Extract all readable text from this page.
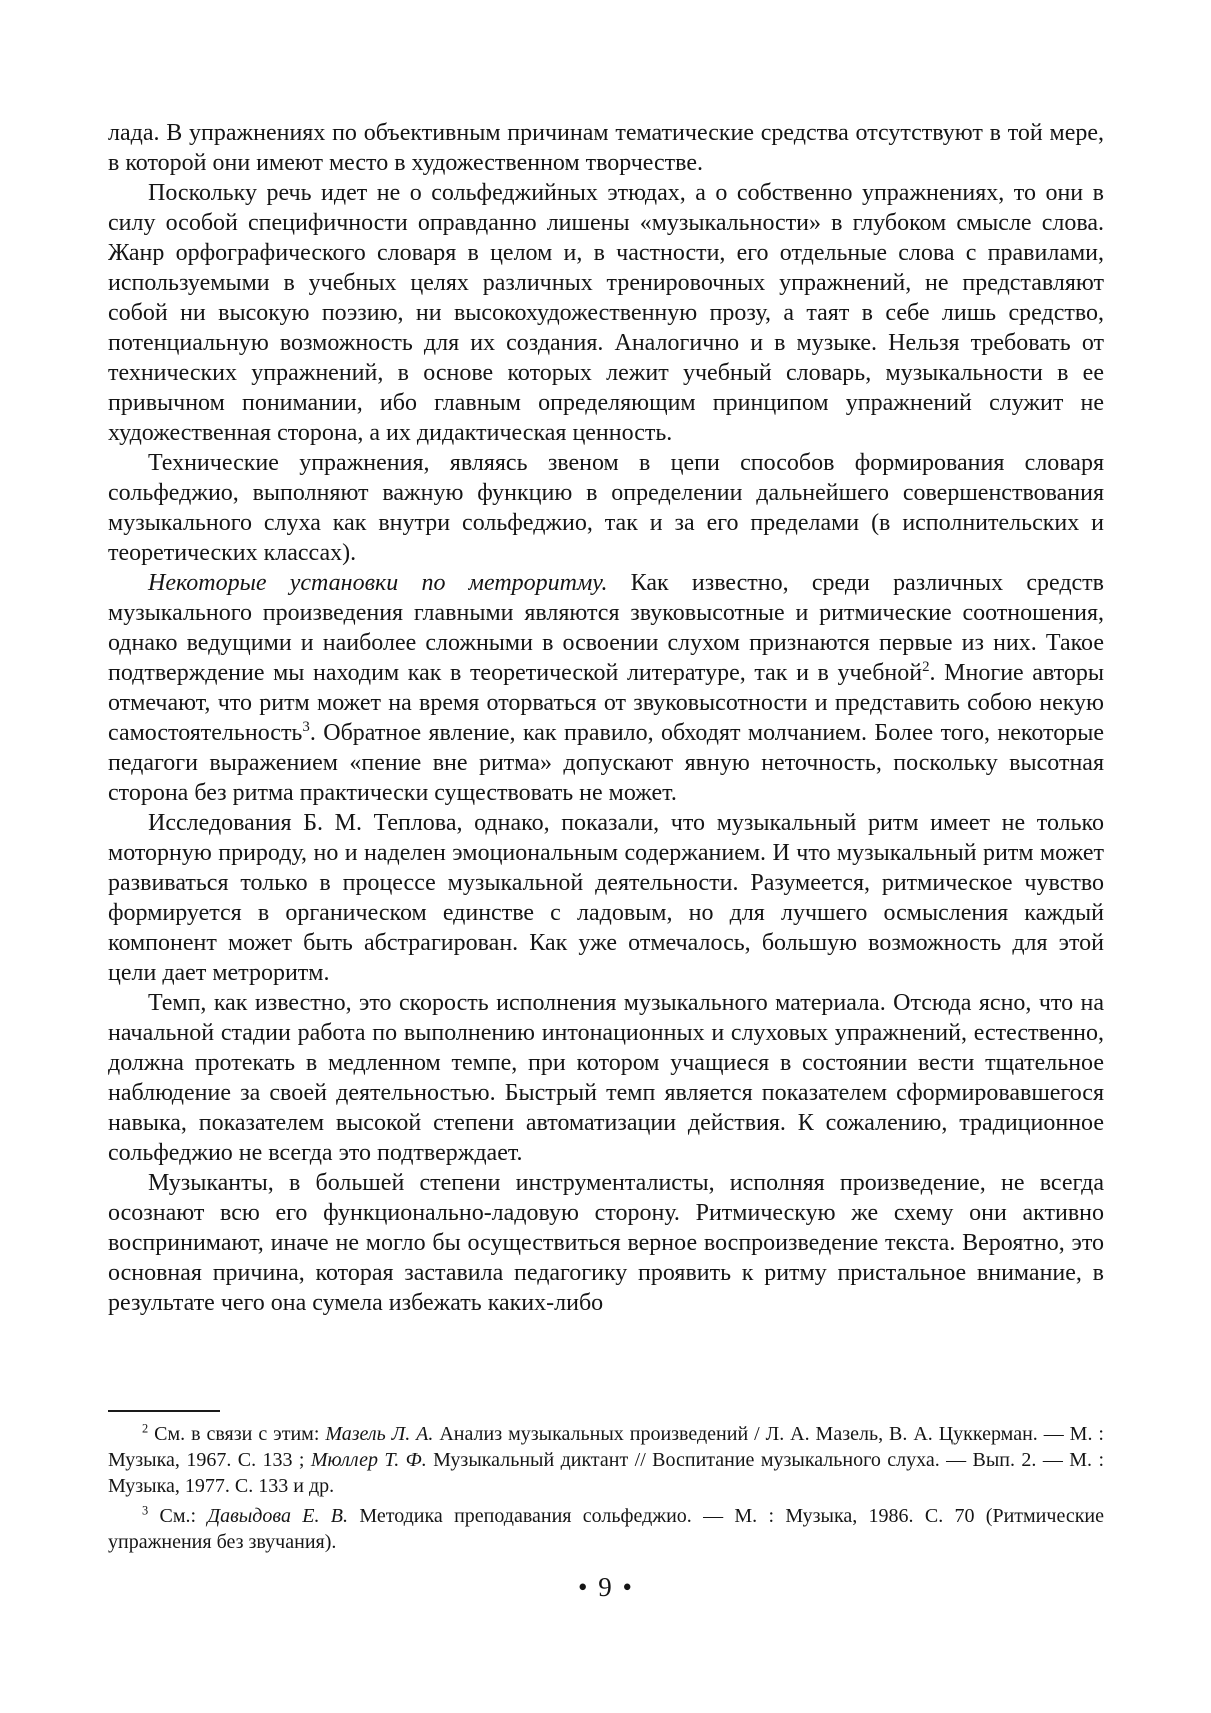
лада. В упражнениях по объективным причинам тематические средства отсутствуют в той мере, в которой они имеют место в художественном творчестве.

Поскольку речь идет не о сольфеджийных этюдах, а о собственно упражнениях, то они в силу особой специфичности оправданно лишены «музыкальности» в глубоком смысле слова. Жанр орфографического словаря в целом и, в частности, его отдельные слова с правилами, используемыми в учебных целях различных тренировочных упражнений, не представляют собой ни высокую поэзию, ни высокохудожественную прозу, а таят в себе лишь средство, потенциальную возможность для их создания. Аналогично и в музыке. Нельзя требовать от технических упражнений, в основе которых лежит учебный словарь, музыкальности в ее привычном понимании, ибо главным определяющим принципом упражнений служит не художественная сторона, а их дидактическая ценность.

Технические упражнения, являясь звеном в цепи способов формирования словаря сольфеджио, выполняют важную функцию в определении дальнейшего совершенствования музыкального слуха как внутри сольфеджио, так и за его пределами (в исполнительских и теоретических классах).

Некоторые установки по метроритму. Как известно, среди различных средств музыкального произведения главными являются звуковысотные и ритмические соотношения, однако ведущими и наиболее сложными в освоении слухом признаются первые из них. Такое подтверждение мы находим как в теоретической литературе, так и в учебной$^2$. Многие авторы отмечают, что ритм может на время оторваться от звуковысотности и представить собою некую самостоятельность$^3$. Обратное явление, как правило, обходят молчанием. Более того, некоторые педагоги выражением «пение вне ритма» допускают явную неточность, поскольку высотная сторона без ритма практически существовать не может.

Исследования Б. М. Теплова, однако, показали, что музыкальный ритм имеет не только моторную природу, но и наделен эмоциональным содержанием. И что музыкальный ритм может развиваться только в процессе музыкальной деятельности. Разумеется, ритмическое чувство формируется в органическом единстве с ладовым, но для лучшего осмысления каждый компонент может быть абстрагирован. Как уже отмечалось, большую возможность для этой цели дает метроритм.

Темп, как известно, это скорость исполнения музыкального материала. Отсюда ясно, что на начальной стадии работа по выполнению интонационных и слуховых упражнений, естественно, должна протекать в медленном темпе, при котором учащиеся в состоянии вести тщательное наблюдение за своей деятельностью. Быстрый темп является показателем сформировавшегося навыка, показателем высокой степени автоматизации действия. К сожалению, традиционное сольфеджио не всегда это подтверждает.

Музыканты, в большей степени инструменталисты, исполняя произведение, не всегда осознают всю его функционально-ладовую сторону. Ритмическую же схему они активно воспринимают, иначе не могло бы осуществиться верное воспроизведение текста. Вероятно, это основная причина, которая заставила педагогику проявить к ритму пристальное внимание, в результате чего она сумела избежать каких-либо

$^2$ См. в связи с этим: Мазель Л. А. Анализ музыкальных произведений / Л. А. Мазель, В. А. Цуккерман. — М. : Музыка, 1967. С. 133 ; Мюллер Т. Ф. Музыкальный диктант // Воспитание музыкального слуха. — Вып. 2. — М. : Музыка, 1977. С. 133 и др.

$^3$ См.: Давыдова Е. В. Методика преподавания сольфеджио. — М. : Музыка, 1986. С. 70 (Ритмические упражнения без звучания).

• 9 •
